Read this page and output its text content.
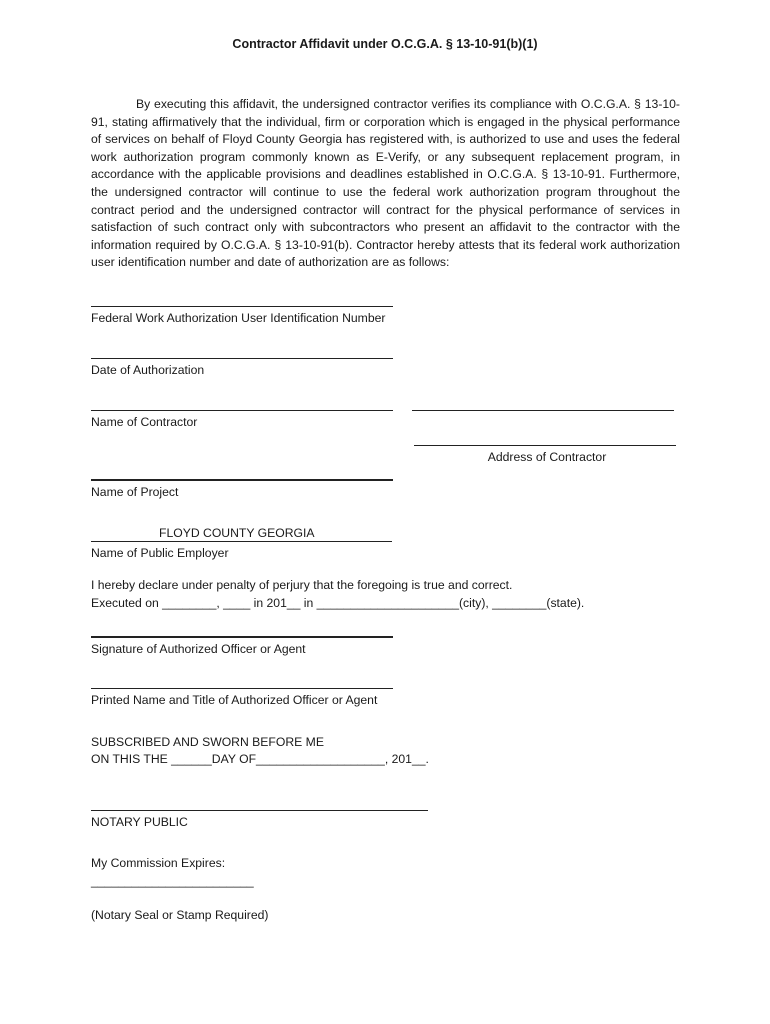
Contractor Affidavit under O.C.G.A. § 13-10-91(b)(1)

By executing this affidavit, the undersigned contractor verifies its compliance with O.C.G.A. § 13-10-91, stating affirmatively that the individual, firm or corporation which is engaged in the physical performance of services on behalf of Floyd County Georgia has registered with, is authorized to use and uses the federal work authorization program commonly known as E-Verify, or any subsequent replacement program, in accordance with the applicable provisions and deadlines established in O.C.G.A. § 13-10-91. Furthermore, the undersigned contractor will continue to use the federal work authorization program throughout the contract period and the undersigned contractor will contract for the physical performance of services in satisfaction of such contract only with subcontractors who present an affidavit to the contractor with the information required by O.C.G.A. § 13-10-91(b). Contractor hereby attests that its federal work authorization user identification number and date of authorization are as follows:

Federal Work Authorization User Identification Number
Date of Authorization
Name of Contractor
Address of Contractor
Name of Project
FLOYD COUNTY GEORGIA
Name of Public Employer
I hereby declare under penalty of perjury that the foregoing is true and correct.
Executed on ________, ____ in 201__ in _____________________(city), ________(state).
Signature of Authorized Officer or Agent
Printed Name and Title of Authorized Officer or Agent
SUBSCRIBED AND SWORN BEFORE ME
ON THIS THE ______DAY OF___________________, 201__.
NOTARY PUBLIC
My Commission Expires:
________________________
(Notary Seal or Stamp Required)
